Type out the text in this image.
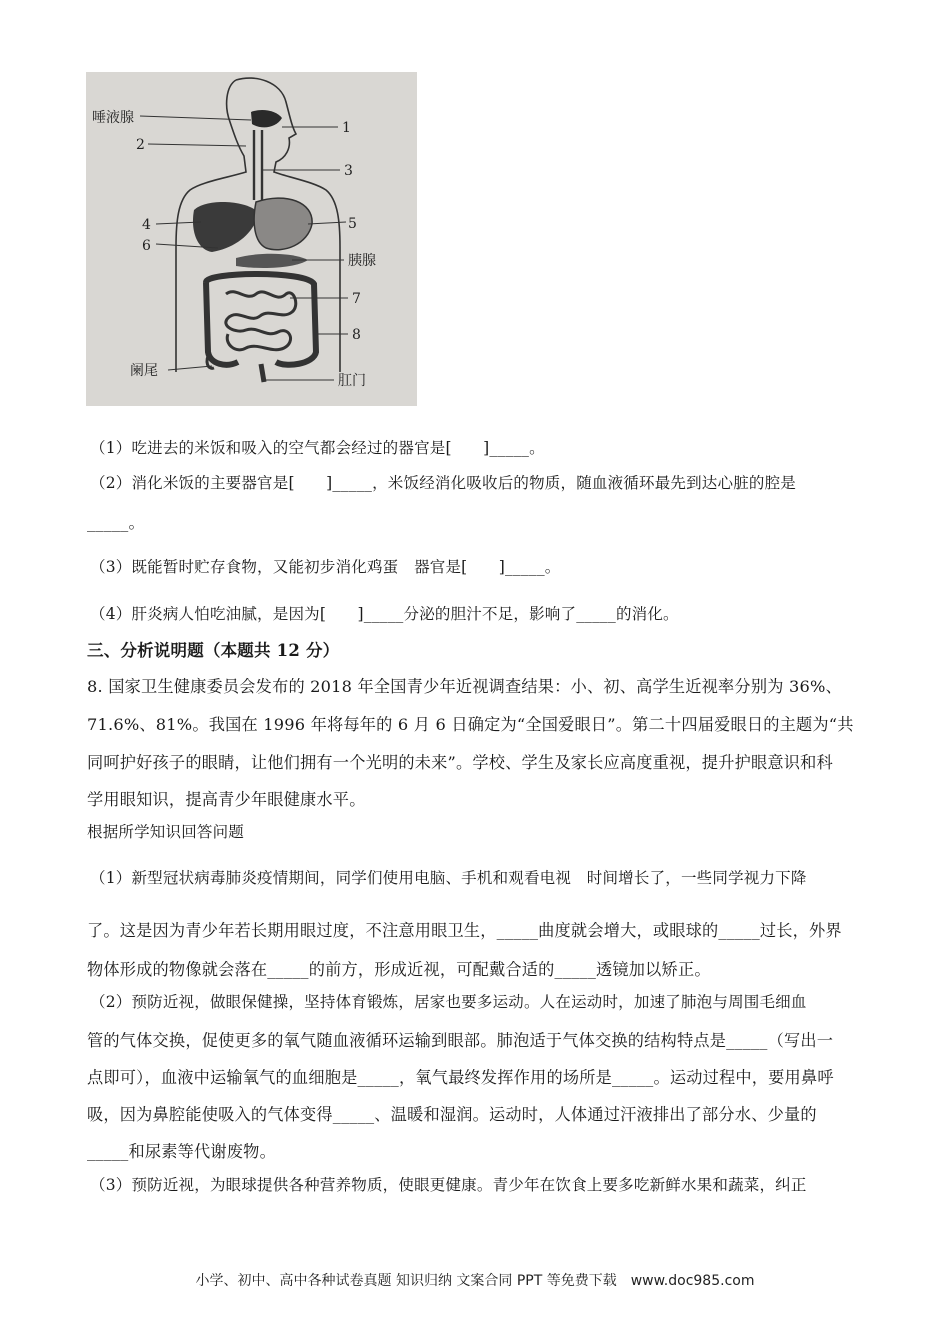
唾液腺
2
1
3
4
6
5
胰腺
7
8
阑尾
肛门
（1）吃进去的米饭和吸入的空气都会经过的器官是[　　]_____。
（2）消化米饭的主要器官是[　　]_____，米饭经消化吸收后的物质，随血液循环最先到达心脏的腔是
_____。
（3）既能暂时贮存食物，又能初步消化鸡蛋　器官是[　　]_____。
（4）肝炎病人怕吃油腻，是因为[　　]_____分泌的胆汁不足，影响了_____的消化。
三、分析说明题（本题共 12 分）
8. 国家卫生健康委员会发布的 2018 年全国青少年近视调查结果：小、初、高学生近视率分别为 36%、
71.6%、81%。我国在 1996 年将每年的 6 月 6 日确定为“全国爱眼日”。第二十四届爱眼日的主题为“共
同呵护好孩子的眼睛，让他们拥有一个光明的未来”。学校、学生及家长应高度重视，提升护眼意识和科
学用眼知识，提高青少年眼健康水平。
根据所学知识回答问题
（1）新型冠状病毒肺炎疫情期间，同学们使用电脑、手机和观看电视　时间增长了，一些同学视力下降
了。这是因为青少年若长期用眼过度，不注意用眼卫生，_____曲度就会增大，或眼球的_____过长，外界
物体形成的物像就会落在_____的前方，形成近视，可配戴合适的_____透镜加以矫正。
（2）预防近视，做眼保健操，坚持体育锻炼，居家也要多运动。人在运动时，加速了肺泡与周围毛细血
管的气体交换，促使更多的氧气随血液循环运输到眼部。肺泡适于气体交换的结构特点是_____（写出一
点即可），血液中运输氧气的血细胞是_____，氧气最终发挥作用的场所是_____。运动过程中，要用鼻呼
吸，因为鼻腔能使吸入的气体变得_____、温暖和湿润。运动时，人体通过汗液排出了部分水、少量的
_____和尿素等代谢废物。
（3）预防近视，为眼球提供各种营养物质，使眼更健康。青少年在饮食上要多吃新鲜水果和蔬菜，纠正
小学、初中、高中各种试卷真题 知识归纳 文案合同 PPT 等免费下载　www.doc985.com
